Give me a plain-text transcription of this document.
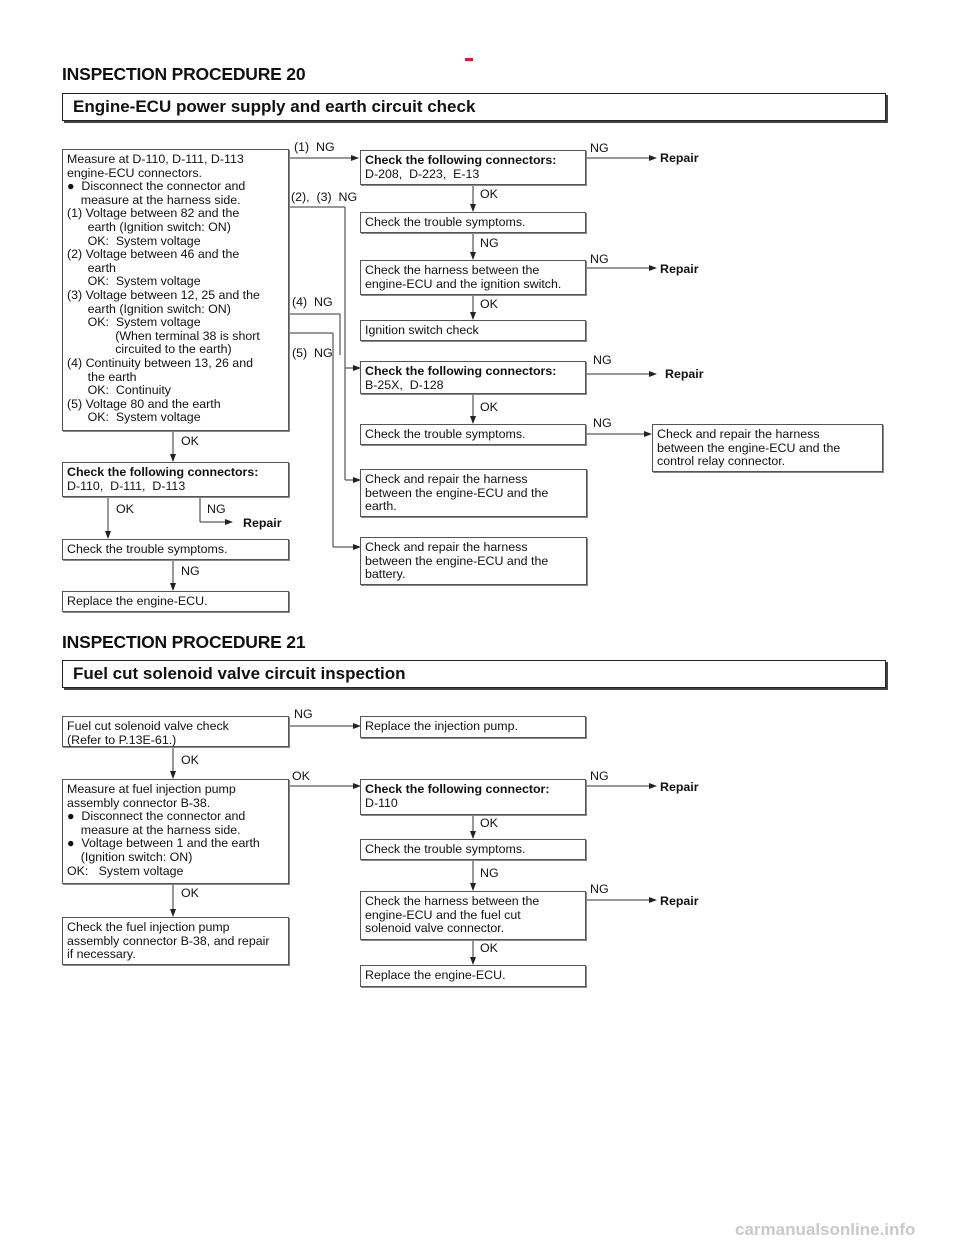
INSPECTION PROCEDURE 20
Engine-ECU power supply and earth circuit check
Measure at D-110, D-111, D-113
engine-ECU connectors.
●  Disconnect the connector and
measure at the harness side.
(1) Voltage between 82 and the
earth (Ignition switch: ON)
OK:  System voltage
(2) Voltage between 46 and the
earth
OK:  System voltage
(3) Voltage between 12, 25 and the
earth (Ignition switch: ON)
OK:  System voltage
(When terminal 38 is short
circuited to the earth)
(4) Continuity between 13, 26 and
the earth
OK:  Continuity
(5) Voltage 80 and the earth
OK:  System voltage
Check the following connectors:
D-110,  D-111,  D-113
Check the trouble symptoms.
Replace the engine-ECU.
Check the following connectors:
D-208,  D-223,  E-13
Check the trouble symptoms.
Check the harness between the
engine-ECU and the ignition switch.
Ignition switch check
Check the following connectors:
B-25X,  D-128
Check the trouble symptoms.
Check and repair the harness
between the engine-ECU and the
earth.
Check and repair the harness
between the engine-ECU and the
battery.
Check and repair the harness
between the engine-ECU and the
control relay connector.
(1)  NG
(2),  (3)  NG
(4)  NG
(5)  NG
NG
OK
NG
NG
OK
NG
OK
NG
OK
OK	NG
NG
Repair
Repair
Repair
Repair
INSPECTION PROCEDURE 21
Fuel cut solenoid valve circuit inspection
Fuel cut solenoid valve check
(Refer to P.13E-61.)
Measure at fuel injection pump
assembly connector B-38.
●  Disconnect the connector and
measure at the harness side.
●  Voltage between 1 and the earth
(Ignition switch: ON)
OK:   System voltage
Check the fuel injection pump
assembly connector B-38, and repair
if necessary.
Replace the injection pump.
Check the following connector:
D-110
Check the trouble symptoms.
Check the harness between the
engine-ECU and the fuel cut
solenoid valve connector.
Replace the engine-ECU.
NG
OK
OK	NG
OK
NG
OK	NG
OK
Repair
Repair
carmanualsonline.info
